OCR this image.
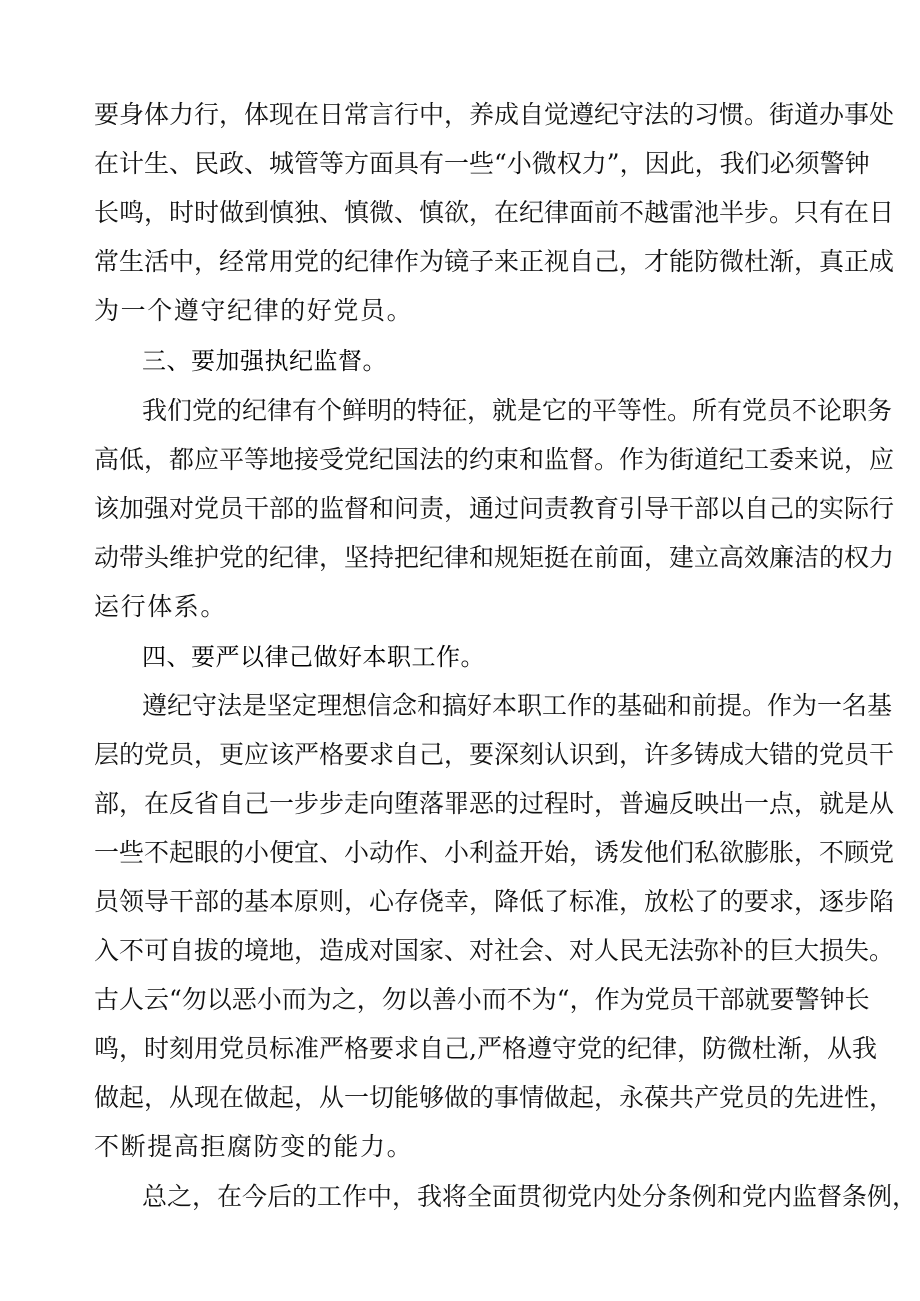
要身体力行，体现在日常言行中，养成自觉遵纪守法的习惯。街道办事处
在计生、民政、城管等方面具有一些“小微权力”，因此，我们必须警钟
长鸣，时时做到慎独、慎微、慎欲，在纪律面前不越雷池半步。只有在日
常生活中，经常用党的纪律作为镜子来正视自己，才能防微杜渐，真正成
为一个遵守纪律的好党员。
三、要加强执纪监督。
我们党的纪律有个鲜明的特征，就是它的平等性。所有党员不论职务
高低，都应平等地接受党纪国法的约束和监督。作为街道纪工委来说，应
该加强对党员干部的监督和问责，通过问责教育引导干部以自己的实际行
动带头维护党的纪律，坚持把纪律和规矩挺在前面，建立高效廉洁的权力
运行体系。
四、要严以律己做好本职工作。
遵纪守法是坚定理想信念和搞好本职工作的基础和前提。作为一名基
层的党员，更应该严格要求自己，要深刻认识到，许多铸成大错的党员干
部，在反省自己一步步走向堕落罪恶的过程时，普遍反映出一点，就是从
一些不起眼的小便宜、小动作、小利益开始，诱发他们私欲膨胀，不顾党
员领导干部的基本原则，心存侥幸，降低了标准，放松了的要求，逐步陷
入不可自拔的境地，造成对国家、对社会、对人民无法弥补的巨大损失。
古人云“勿以恶小而为之，勿以善小而不为“，作为党员干部就要警钟长
鸣，时刻用党员标准严格要求自己,严格遵守党的纪律，防微杜渐，从我
做起，从现在做起，从一切能够做的事情做起，永葆共产党员的先进性，
不断提高拒腐防变的能力。
总之，在今后的工作中，我将全面贯彻党内处分条例和党内监督条例，
